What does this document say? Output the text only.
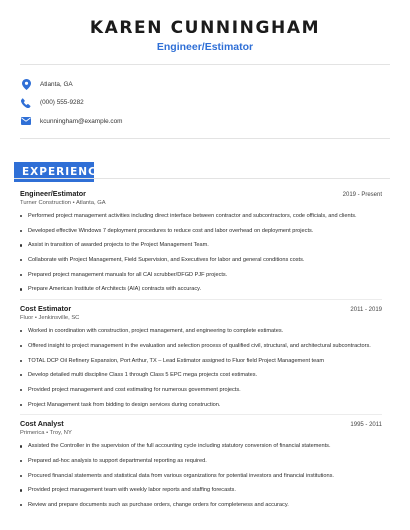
KAREN CUNNINGHAM
Engineer/Estimator
Atlanta, GA
(000) 555-9282
kcunningham@example.com
EXPERIENCE
Engineer/Estimator	2019 - Present
Turner Construction • Atlanta, GA
Performed project management activities including direct interface between contractor and subcontractors, code officials, and clients.
Developed effective Windows 7 deployment procedures to reduce cost and labor overhead on deployment projects.
Assist in transition of awarded projects to the Project Management Team.
Collaborate with Project Management, Field Supervision, and Executives for labor and general conditions costs.
Prepared project management manuals for all CAI scrubber/DFGD PJF projects.
Prepare American Institute of Architects (AIA) contracts with accuracy.
Cost Estimator	2011 - 2019
Fluor • Jenkinsville, SC
Worked in coordination with construction, project management, and engineering to complete estimates.
Offered insight to project management in the evaluation and selection process of qualified civil, structural, and architectural subcontractors.
TOTAL DCP Oil Refinery Expansion, Port Arthur, TX – Lead Estimator assigned to Fluor field Project Management team
Develop detailed multi discipline Class 1 through Class 5 EPC mega projects cost estimates.
Provided project management and cost estimating for numerous government projects.
Project Management task from bidding to design services during construction.
Cost Analyst	1995 - 2011
Primerica • Troy, NY
Assisted the Controller in the supervision of the full accounting cycle including statutory conversion of financial statements.
Prepared ad-hoc analysis to support departmental reporting as required.
Procured financial statements and statistical data from various organizations for potential investors and financial institutions.
Provided project management team with weekly labor reports and staffing forecasts.
Review and prepare documents such as purchase orders, change orders for completeness and accuracy.
